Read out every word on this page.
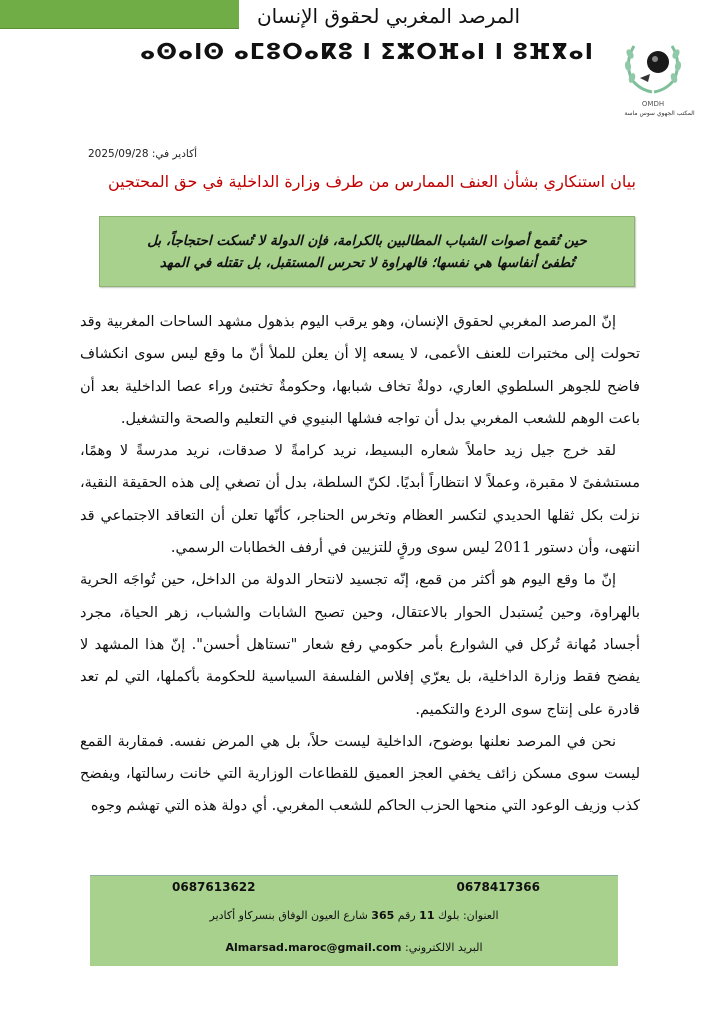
المرصد المغربي لحقوق الإنسان
ⴰⵙⴰⵏⵙ ⴰⵎⵓⵔⴰⴽⵓ ⵏ ⵉⵣⵔⴼⴰⵏ ⵏ ⵓⴼⴳⴰⵏ
OMDH
المكتب الجهوي سوس ماسة
أكادير في: 2025/09/28
بيان استنكاري بشأن العنف الممارس من طرف وزارة الداخلية في حق المحتجين
حين تُقمع أصوات الشباب المطالبين بالكرامة، فإن الدولة لا تُسكت احتجاجاً، بل
تُطفئ أنفاسها هي نفسها؛ فالهراوة لا تحرس المستقبل، بل تقتله في المهد

إنّ المرصد المغربي لحقوق الإنسان، وهو يرقب اليوم بذهول مشهد الساحات المغربية وقد تحولت إلى مختبرات للعنف الأعمى، لا يسعه إلا أن يعلن للملأ أنّ ما وقع ليس سوى انكشاف فاضح للجوهر السلطوي العاري، دولةٌ تخاف شبابها، وحكومةٌ تختبئ وراء عصا الداخلية بعد أن باعت الوهم للشعب المغربي بدل أن تواجه فشلها البنيوي في التعليم والصحة والتشغيل.

لقد خرج جيل زيد حاملاً شعاره البسيط، نريد كرامةً لا صدقات، نريد مدرسةً لا وهمًا، مستشفىً لا مقبرة، وعملاً لا انتظاراً أبديًا. لكنّ السلطة، بدل أن تصغي إلى هذه الحقيقة النقية، نزلت بكل ثقلها الحديدي لتكسر العظام وتخرس الحناجر، كأنّها تعلن أن التعاقد الاجتماعي قد انتهى، وأن دستور 2011 ليس سوى ورقٍ للتزيين في أرفف الخطابات الرسمي.

إنّ ما وقع اليوم هو أكثر من قمع، إنّه تجسيد لانتحار الدولة من الداخل، حين تُواجَه الحرية بالهراوة، وحين يُستبدل الحوار بالاعتقال، وحين تصبح الشابات والشباب، زهر الحياة، مجرد أجساد مُهانة تُركل في الشوارع بأمر حكومي رفع شعار "تستاهل أحسن". إنّ هذا المشهد لا يفضح فقط وزارة الداخلية، بل يعرّي إفلاس الفلسفة السياسية للحكومة بأكملها، التي لم تعد قادرة على إنتاج سوى الردع والتكميم.

نحن في المرصد نعلنها بوضوح، الداخلية ليست حلاً، بل هي المرض نفسه. فمقاربة القمع ليست سوى مسكن زائف يخفي العجز العميق للقطاعات الوزارية التي خانت رسالتها، ويفضح كذب وزيف الوعود التي منحها الحزب الحاكم للشعب المغربي. أي دولة هذه التي تهشم وجوه

0687613622	0678417366
العنوان: بلوك 11 رقم 365 شارع العيون الوفاق بنسركاو أكادير
البريد الالكتروني: Almarsad.maroc@gmail.com
